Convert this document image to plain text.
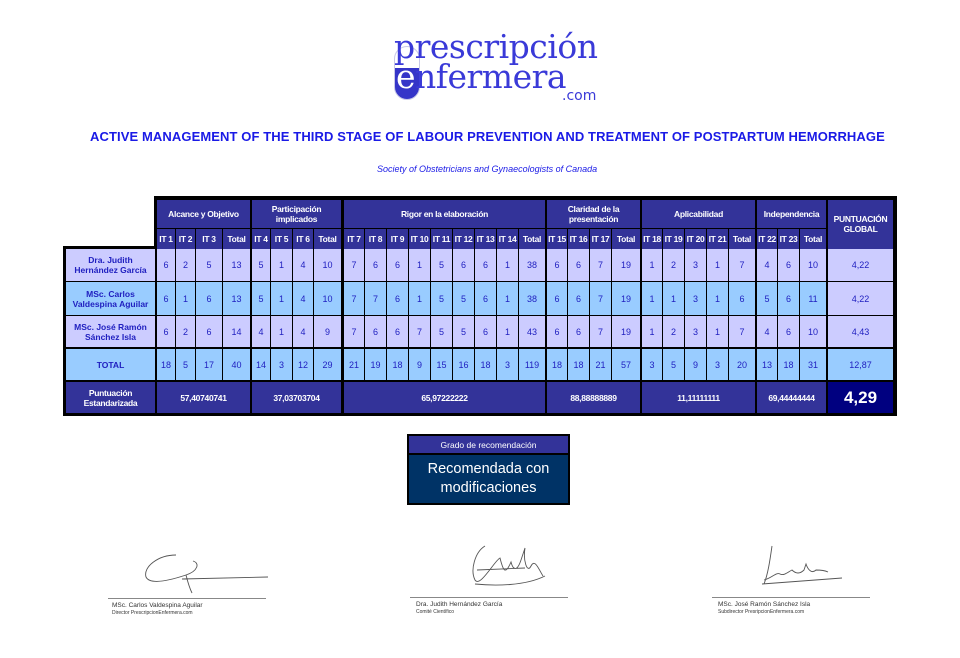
prescripción
enfermera
.com
ACTIVE MANAGEMENT OF THE THIRD STAGE OF LABOUR PREVENTION AND TREATMENT OF POSTPARTUM HEMORRHAGE
Society of Obstetricians and Gynaecologists of Canada
Alcance y Objetivo
IT 1
6
6
6
18
IT 2
2
1
2
5
IT 3
5
6
6
17
Total
13
13
14
40
57,40740741
Participación implicados
IT 4
5
5
4
14
IT 5
1
1
1
3
IT 6
4
4
4
12
Total
10
10
9
29
37,03703704
Rigor en la elaboración
IT 7
7
7
7
21
IT 8
6
7
6
19
IT 9
6
6
6
18
IT 10
1
1
7
9
IT 11
5
5
5
15
IT 12
6
5
5
16
IT 13
6
6
6
18
IT 14
1
1
1
3
Total
38
38
43
119
65,97222222
Claridad de la presentación
IT 15
6
6
6
18
IT 16
6
6
6
18
IT 17
7
7
7
21
Total
19
19
19
57
88,88888889
Aplicabilidad
IT 18
1
1
1
3
IT 19
2
1
2
5
IT 20
3
3
3
9
IT 21
1
1
1
3
Total
7
6
7
20
11,11111111
Independencia
IT 22
4
5
4
13
IT 23
6
6
6
18
Total
10
11
10
31
69,44444444
PUNTUACIÓN GLOBAL
4,22
Dra. Judith Hernández García
4,22
MSc. Carlos Valdespina Aguilar
4,43
MSc. José Ramón Sánchez Isla
12,87
4,29
TOTAL
Puntuación Estandarizada
Grado de recomendación
Recomendada con modificaciones
MSc. Carlos Valdespina Aguilar
Director PrescripcionEnfermera.com
Dra. Judith Hernández García
Comité Científico
MSc. José Ramón Sánchez Isla
Subdirector PresripcionEnfermera.com
